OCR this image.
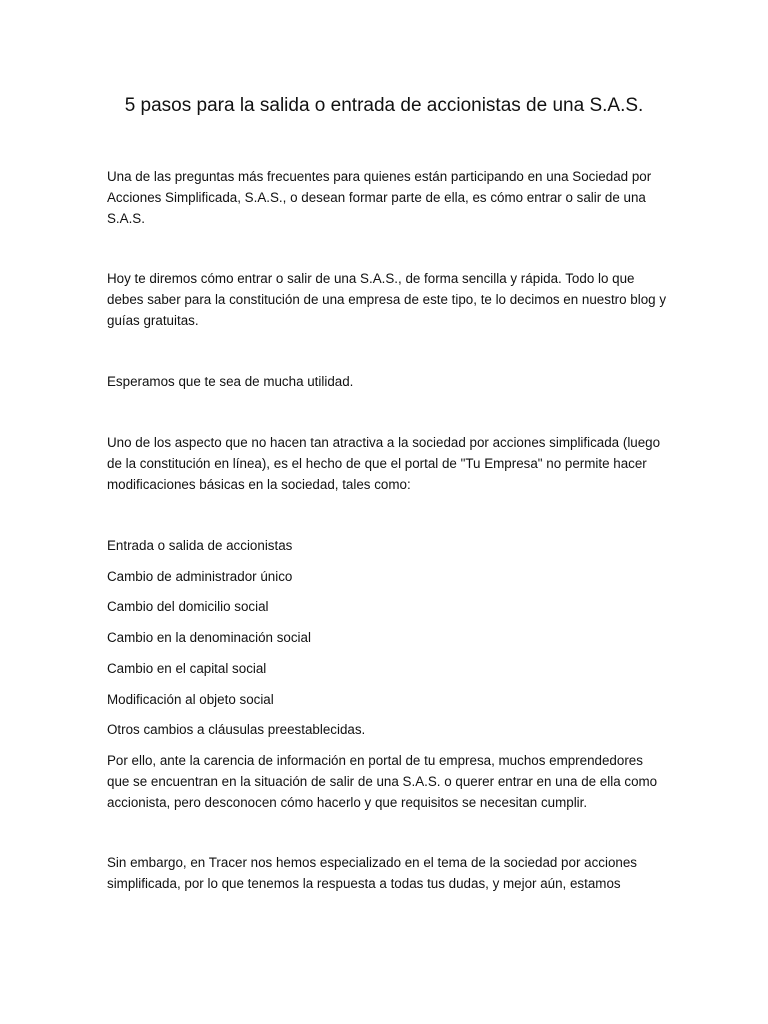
5 pasos para la salida o entrada de accionistas de una S.A.S.

Una de las preguntas más frecuentes para quienes están participando en una Sociedad por Acciones Simplificada, S.A.S., o desean formar parte de ella, es cómo entrar o salir de una S.A.S.

Hoy te diremos cómo entrar o salir de una S.A.S., de forma sencilla y rápida. Todo lo que debes saber para la constitución de una empresa de este tipo, te lo decimos en nuestro blog y guías gratuitas.

Esperamos que te sea de mucha utilidad.

Uno de los aspecto que no hacen tan atractiva a la sociedad por acciones simplificada (luego de la constitución en línea), es el hecho de que el portal de "Tu Empresa" no permite hacer modificaciones básicas en la sociedad, tales como:

Entrada o salida de accionistas

Cambio de administrador único

Cambio del domicilio social

Cambio en la denominación social

Cambio en el capital social

Modificación al objeto social

Otros cambios a cláusulas preestablecidas.

Por ello, ante la carencia de información en portal de tu empresa, muchos emprendedores que se encuentran en la situación de salir de una S.A.S. o querer entrar en una de ella como accionista, pero desconocen cómo hacerlo y que requisitos se necesitan cumplir.

Sin embargo, en Tracer nos hemos especializado en el tema de la sociedad por acciones simplificada, por lo que tenemos la respuesta a todas tus dudas, y mejor aún, estamos
